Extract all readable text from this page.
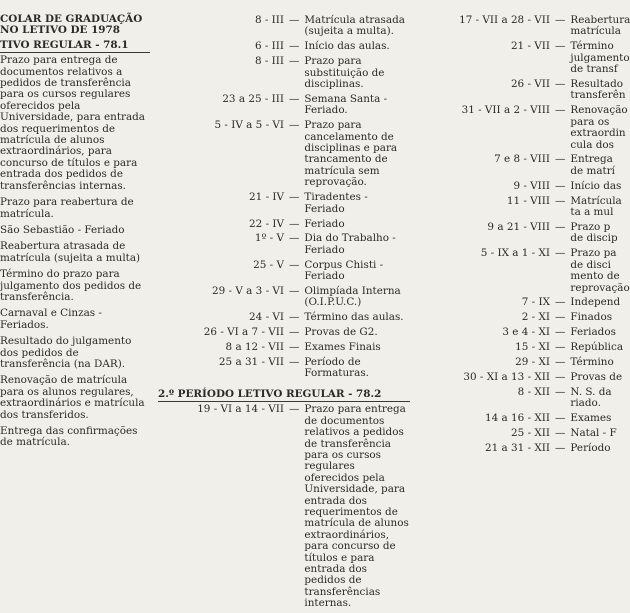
COLAR DE GRADUAÇÃO
NO LETIVO DE 1978
TIVO REGULAR - 78.1

Prazo para entrega de documentos relativos a pedidos de transferência para os cursos regulares oferecidos pela Universidade, para entrada dos requerimentos de matrícula de alunos extraordinários, para concurso de títulos e para entrada dos pedidos de transferências internas.

Prazo para reabertura de matrícula.

São Sebastião - Feriado

Reabertura atrasada de matrícula (sujeita a multa)

Término do prazo para julgamento dos pedidos de transferência.

Carnaval e Cinzas - Feriados.

Resultado do julgamento dos pedidos de transferência (na DAR).

Renovação de matrícula para os alunos regulares, extraordinários e matrícula dos transferidos.

Entrega das confirmações de matrícula.

8 - III — Matrícula atrasada (sujeita a multa).
6 - III — Início das aulas.
8 - III — Prazo para substituição de disciplinas.
23 a 25 - III — Semana Santa - Feriado.
5 - IV a 5 - VI — Prazo para cancelamento de disciplinas e para trancamento de matrícula sem reprovação.
21 - IV — Tiradentes - Feriado
22 - IV — Feriado
1º - V — Dia do Trabalho - Feriado
25 - V — Corpus Chisti - Feriado
29 - V a 3 - VI — Olimpíada Interna (O.I.P.U.C.)
24 - VI — Término das aulas.
26 - VI a 7 - VII — Provas de G2.
8 a 12 - VII — Exames Finais
25 a 31 - VII — Período de Formaturas.
2.º PERÍODO LETIVO REGULAR - 78.2
19 - VI a 14 - VII — Prazo para entrega de documentos relativos a pedidos de transferência para os cursos regulares oferecidos pela Universidade, para entrada dos requerimentos de matrícula de alunos extraordinários, para concurso de títulos e para entrada dos pedidos de transferências internas.
17 - VII a 28 - VII — Reabertura
matrícula
21 - VII — Término
julgamento
de transf
26 - VII — Resultado
transferên
31 - VII a 2 - VIII — Renovação
para os
extraordin
cula dos
7 e 8 - VIII — Entrega
de matrí
9 - VIII — Início das
11 - VIII — Matrícula
ta a mul
9 a 21 - VIII — Prazo p
de discip
5 - IX a 1 - XI — Prazo pa
de disci
mento de
reprovação
7 - IX — Independ
2 - XI — Finados
3 e 4 - XI — Feriados
15 - XI — República
29 - XI — Término
30 - XI a 13 - XII — Provas de
8 - XII — N. S. da
riado.
14 a 16 - XII — Exames
25 - XII — Natal - F
21 a 31 - XII — Período
